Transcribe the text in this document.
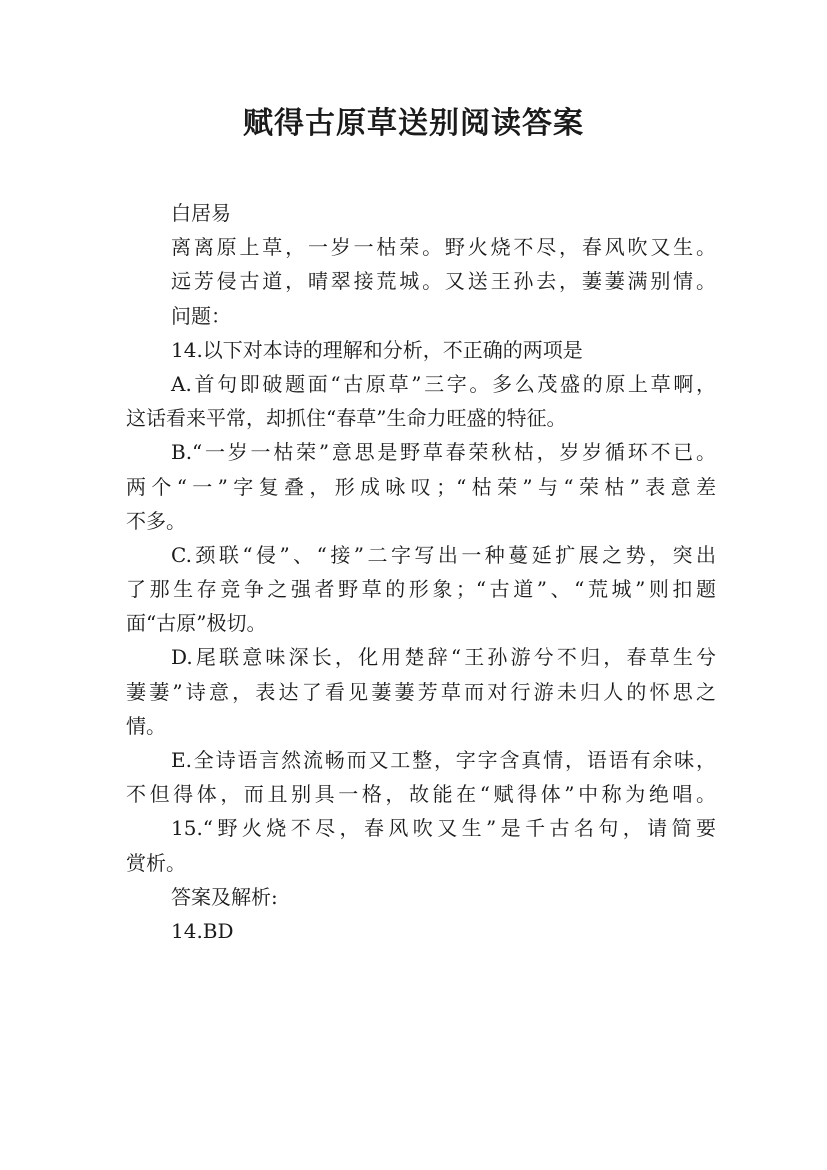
赋得古原草送别阅读答案

白居易

离离原上草，一岁一枯荣。野火烧不尽，春风吹又生。

远芳侵古道，晴翠接荒城。又送王孙去，萋萋满别情。

问题：

14.以下对本诗的理解和分析，不正确的两项是

A.首句即破题面“古原草”三字。多么茂盛的原上草啊，

这话看来平常，却抓住“春草”生命力旺盛的特征。

B.“一岁一枯荣”意思是野草春荣秋枯，岁岁循环不已。

两个“一”字复叠，形成咏叹；“枯荣”与“荣枯”表意差

不多。

C.颈联“侵”、“接”二字写出一种蔓延扩展之势，突出

了那生存竞争之强者野草的形象；“古道”、“荒城”则扣题

面“古原”极切。

D.尾联意味深长，化用楚辞“王孙游兮不归，春草生兮

萋萋”诗意，表达了看见萋萋芳草而对行游未归人的怀思之

情。

E.全诗语言然流畅而又工整，字字含真情，语语有余味，

不但得体，而且别具一格，故能在“赋得体”中称为绝唱。

15.“野火烧不尽，春风吹又生”是千古名句，请简要

赏析。

答案及解析:

14.BD
